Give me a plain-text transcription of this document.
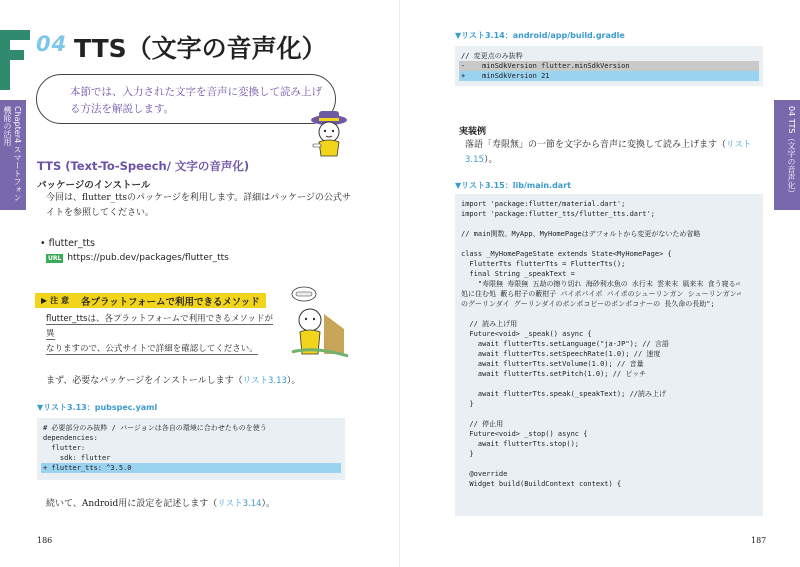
04 TTS（文字の音声化）
Chapter4 スマートフォン機能の活用
本節では、入力された文字を音声に変換して読み上げ
る方法を解説します。
TTS (Text-To-Speech/ 文字の音声化)
パッケージのインストール
今回は、flutter_ttsのパッケージを利用します。詳細はパッケージの公式サ
イトを参照してください。
• flutter_tts
URL https://pub.dev/packages/flutter_tts
▶ 注 意	各プラットフォームで利用できるメソッド
flutter_ttsは、各プラットフォームで利用できるメソッドが異
なりますので、公式サイトで詳細を確認してください。
まず、必要なパッケージをインストールします（リスト3.13）。
▼リスト3.13：pubspec.yaml
# 必要部分のみ抜粋 / バージョンは各自の環境に合わせたものを使う
dependencies:
flutter:
sdk: flutter
+ flutter_tts: ^3.5.0
続いて、Android用に設定を記述します（リスト3.14）。
186
04 TTS（文字の音声化）
▼リスト3.14：android/app/build.gradle
// 変更点のみ抜粋
-    minSdkVersion flutter.minSdkVersion
+    minSdkVersion 21
実装例
落語「寿限無」の一節を文字から音声に変換して読み上げます（リスト
3.15）。
▼リスト3.15：lib/main.dart
import 'package:flutter/material.dart';
import 'package:flutter_tts/flutter_tts.dart';
// main関数、MyApp、MyHomePageはデフォルトから変更がないため省略
class _MyHomePageState extends State<MyHomePage> {
FlutterTts flutterTts = FlutterTts();
final String _speakText =
"寿限無 寿限無 五劫の擦り切れ 海砂利水魚の 水行末 雲来末 風来末 食う寝る⏎
処に住む処 藪ら柑子の藪柑子 パイポパイポ パイポのシューリンガン シューリンガン⏎
のグーリンダイ グーリンダイのポンポコピーのポンポコナーの 長久命の長助";
// 読み上げ用
Future<void> _speak() async {
await flutterTts.setLanguage("ja-JP"); // 言語
await flutterTts.setSpeechRate(1.0); // 速度
await flutterTts.setVolume(1.0); // 音量
await flutterTts.setPitch(1.0); // ピッチ
await flutterTts.speak(_speakText); //読み上げ
}
// 停止用
Future<void> _stop() async {
await flutterTts.stop();
}
@override
Widget build(BuildContext context) {
187
